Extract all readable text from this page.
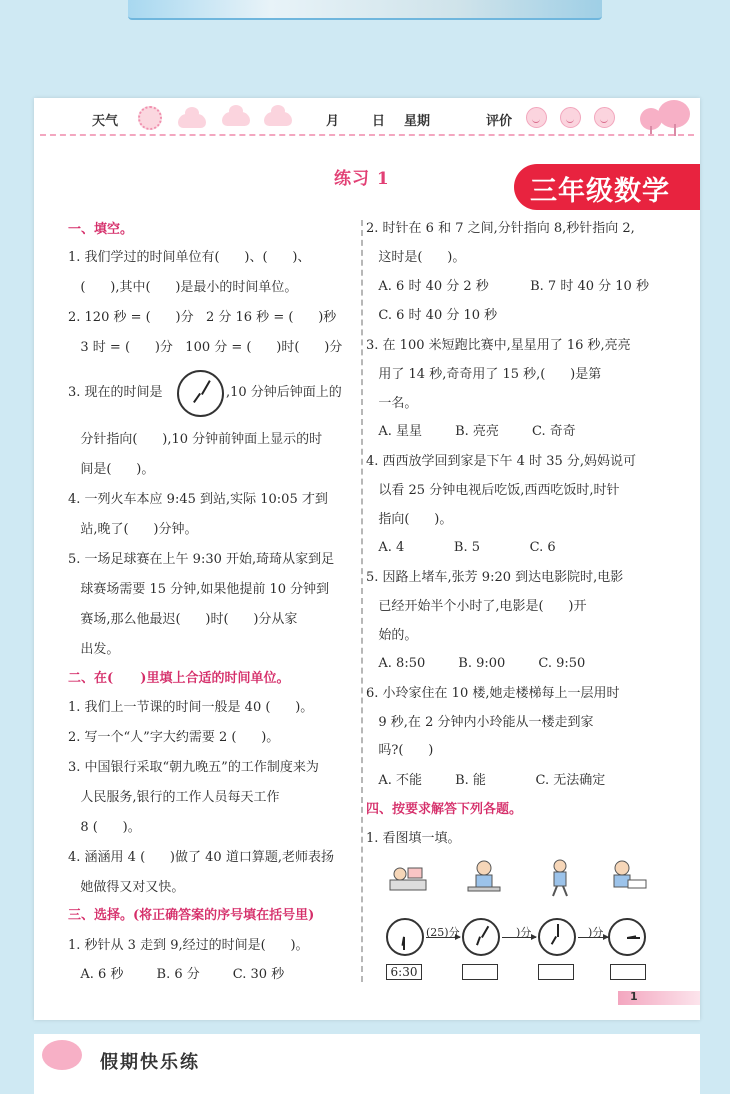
天气	月	日 星期	评价
练习 1	三年级数学
一、填空。
1. 我们学过的时间单位有(      )、(      )、
(      ),其中(      )是最小的时间单位。
2. 120 秒 = (      )分   2 分 16 秒 = (      )秒
3 时 = (      )分   100 分 = (      )时(      )分
3. 现在的时间是	,10 分钟后钟面上的
分针指向(      ),10 分钟前钟面上显示的时
间是(      )。
4. 一列火车本应 9:45 到站,实际 10:05 才到
站,晚了(      )分钟。
5. 一场足球赛在上午 9:30 开始,琦琦从家到足
球赛场需要 15 分钟,如果他提前 10 分钟到
赛场,那么他最迟(      )时(      )分从家
出发。
二、在(      )里填上合适的时间单位。
1. 我们上一节课的时间一般是 40 (      )。
2. 写一个“人”字大约需要 2 (      )。
3. 中国银行采取“朝九晚五”的工作制度来为
人民服务,银行的工作人员每天工作
8 (      )。
4. 涵涵用 4 (      )做了 40 道口算题,老师表扬
她做得又对又快。
三、选择。(将正确答案的序号填在括号里)
1. 秒针从 3 走到 9,经过的时间是(      )。
A. 6 秒        B. 6 分        C. 30 秒
2. 时针在 6 和 7 之间,分针指向 8,秒针指向 2,
这时是(      )。
A. 6 时 40 分 2 秒          B. 7 时 40 分 10 秒
C. 6 时 40 分 10 秒
3. 在 100 米短跑比赛中,星星用了 16 秒,亮亮
用了 14 秒,奇奇用了 15 秒,(      )是第
一名。
A. 星星        B. 亮亮        C. 奇奇
4. 西西放学回到家是下午 4 时 35 分,妈妈说可
以看 25 分钟电视后吃饭,西西吃饭时,时针
指向(      )。
A. 4            B. 5            C. 6
5. 因路上堵车,张芳 9:20 到达电影院时,电影
已经开始半个小时了,电影是(      )开
始的。
A. 8:50        B. 9:00        C. 9:50
6. 小玲家住在 10 楼,她走楼梯每上一层用时
9 秒,在 2 分钟内小玲能从一楼走到家
吗?(      )
A. 不能        B. 能            C. 无法确定
四、按要求解答下列各题。
1. 看图填一填。
(25)分	)分	)分
6:30
1
假期快乐练
